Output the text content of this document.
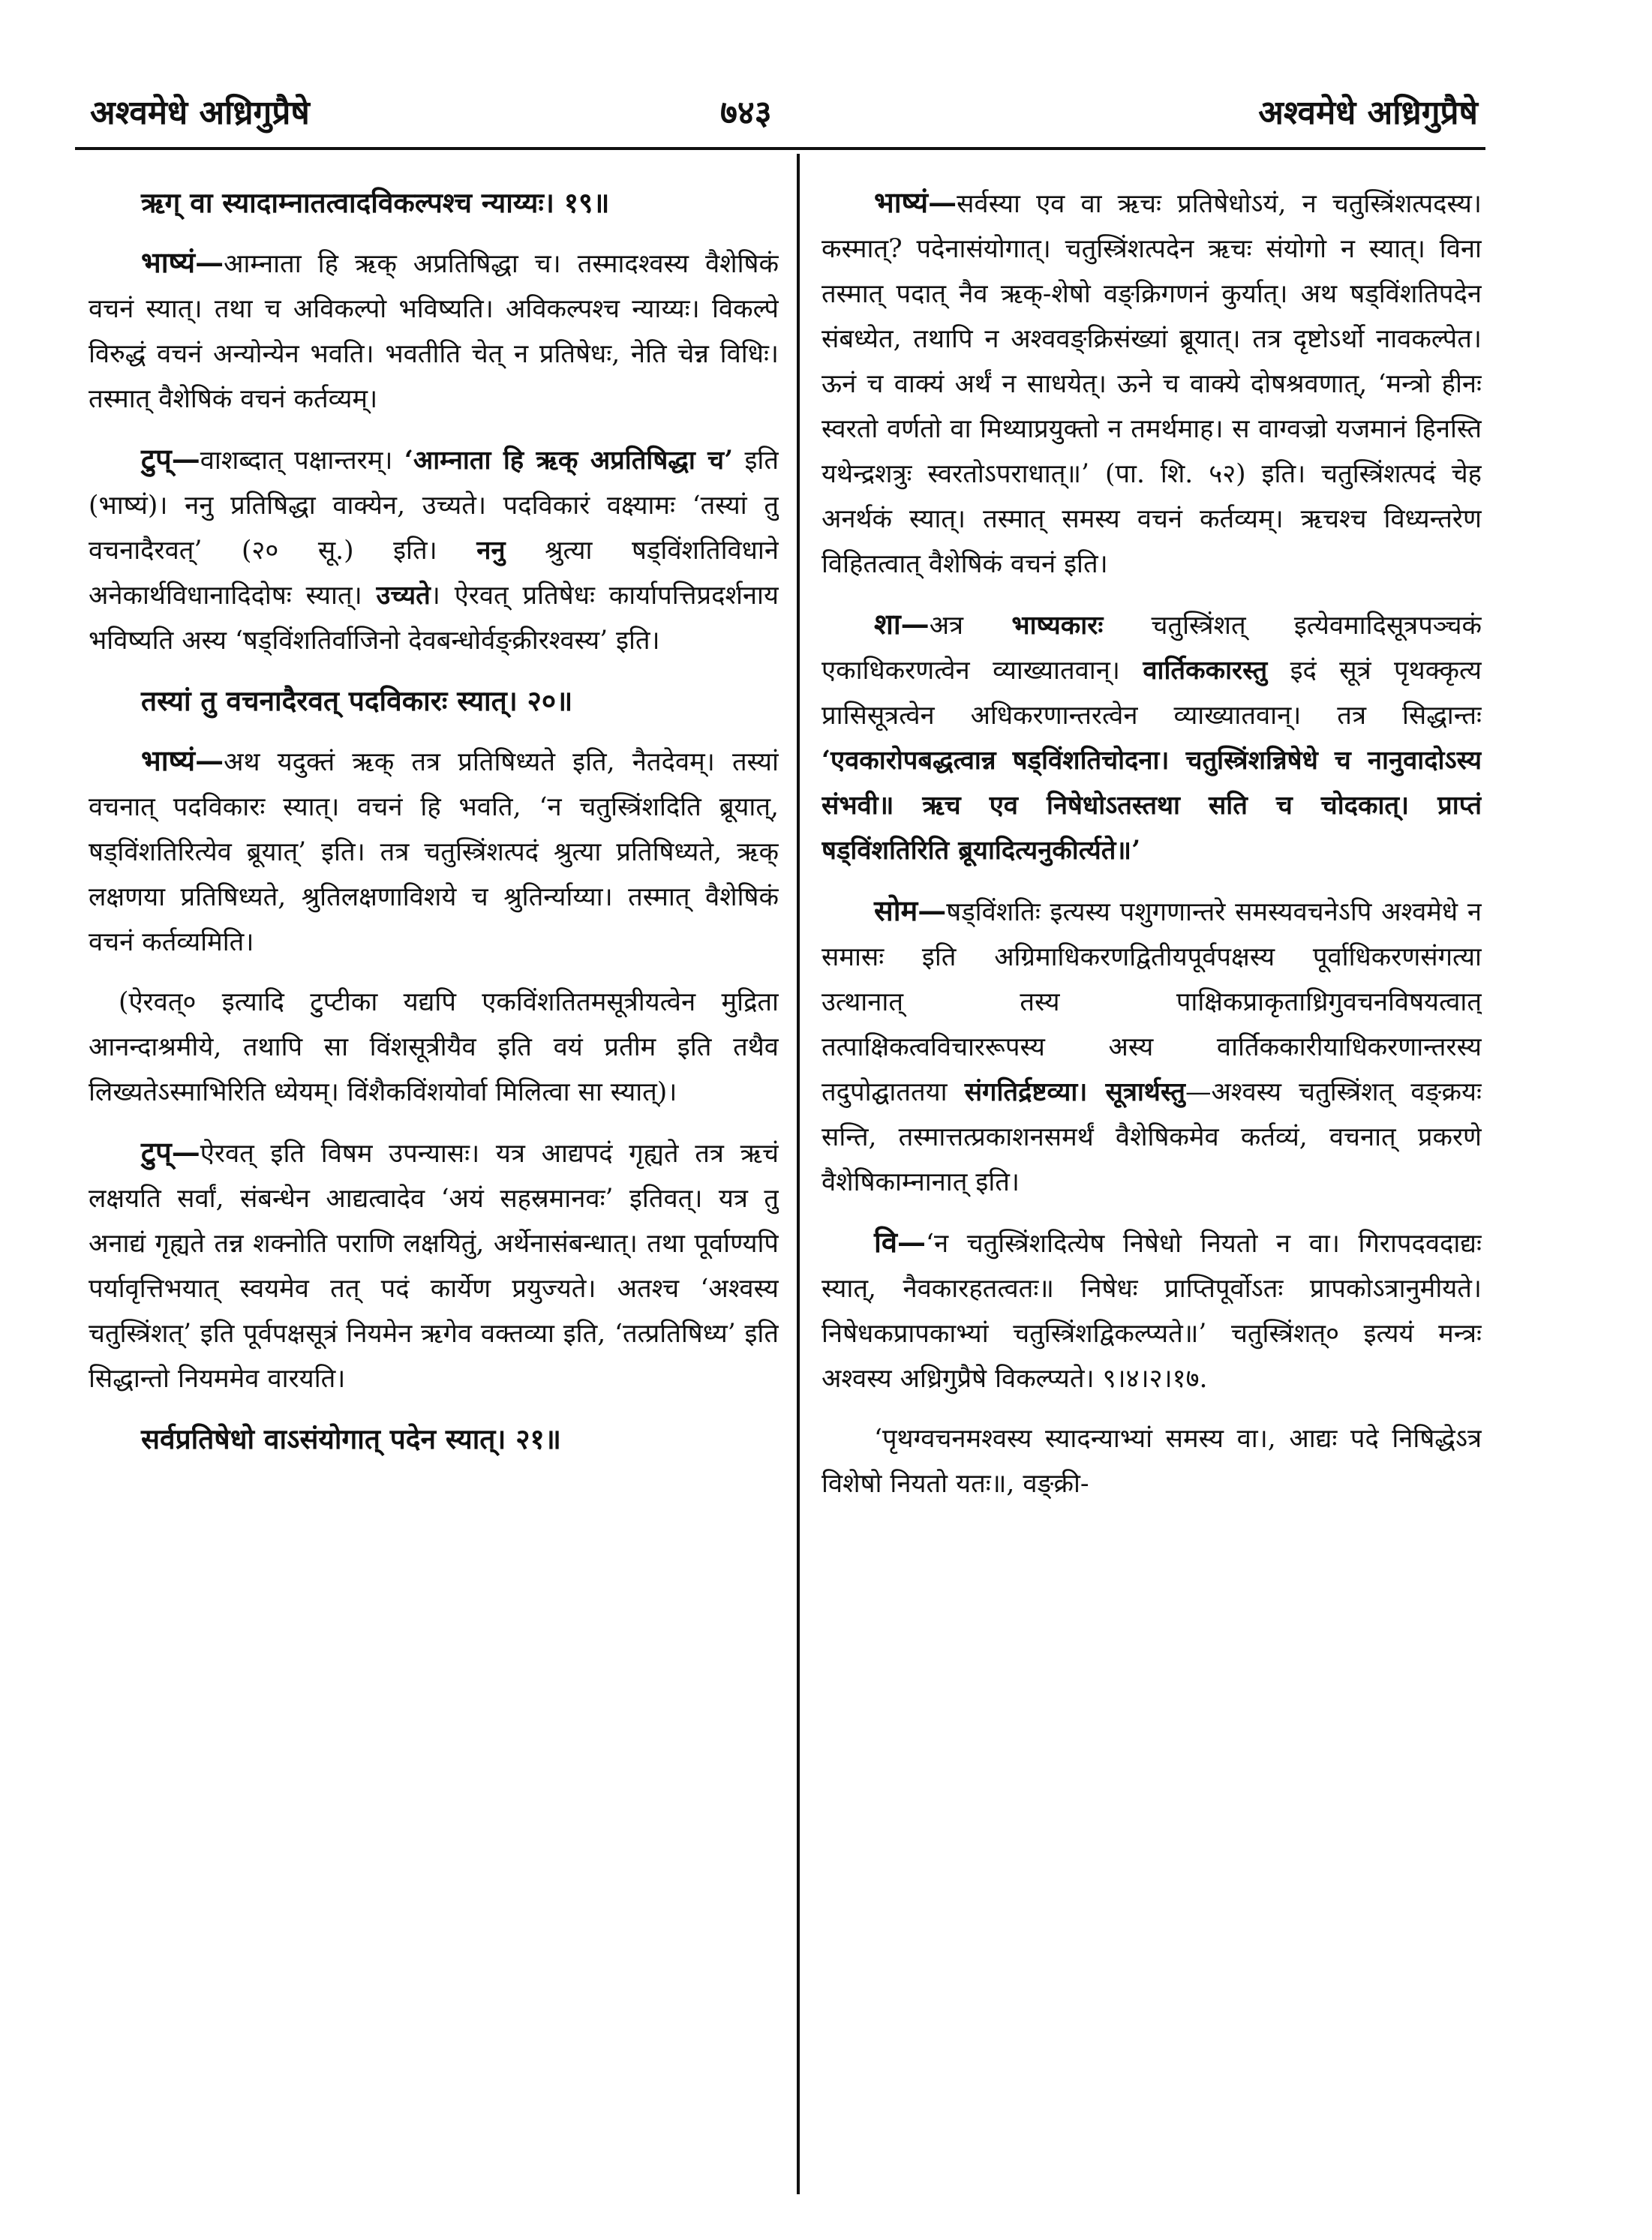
अश्वमेधे अध्रिगुप्रैषे	७४३	अश्वमेधे अध्रिगुप्रैषे

ऋग् वा स्यादाम्नातत्वादविकल्पश्च न्याय्यः। १९॥

भाष्यं—आम्नाता हि ऋक् अप्रतिषिद्धा च। तस्मादश्वस्य वैशेषिकं वचनं स्यात्। तथा च अविकल्पो भविष्यति। अविकल्पश्च न्याय्यः। विकल्पे विरुद्धं वचनं अन्योन्येन भवति। भवतीति चेत् न प्रतिषेधः, नेति चेन्न विधिः। तस्मात् वैशेषिकं वचनं कर्तव्यम्।

टुप्—वाशब्दात् पक्षान्तरम्। ‘आम्नाता हि ऋक् अप्रतिषिद्धा च’ इति (भाष्यं)। ननु प्रतिषिद्धा वाक्येन, उच्यते। पदविकारं वक्ष्यामः ‘तस्यां तु वचनादैरवत्’ (२० सू.) इति। ननु श्रुत्या षड्विंशतिविधाने अनेकार्थविधानादिदोषः स्यात्। उच्यते। ऐरवत् प्रतिषेधः कार्यापत्तिप्रदर्शनाय भविष्यति अस्य ‘षड्विंशतिर्वाजिनो देवबन्धोर्वङ्क्रीरश्वस्य’ इति।

तस्यां तु वचनादैरवत् पदविकारः स्यात्। २०॥

भाष्यं—अथ यदुक्तं ऋक् तत्र प्रतिषिध्यते इति, नैतदेवम्। तस्यां वचनात् पदविकारः स्यात्। वचनं हि भवति, ‘न चतुस्त्रिंशदिति ब्रूयात्, षड्विंशतिरित्येव ब्रूयात्’ इति। तत्र चतुस्त्रिंशत्पदं श्रुत्या प्रतिषिध्यते, ऋक् लक्षणया प्रतिषिध्यते, श्रुतिलक्षणाविशये च श्रुतिर्न्याय्या। तस्मात् वैशेषिकं वचनं कर्तव्यमिति।

(ऐरवत्० इत्यादि टुप्टीका यद्यपि एकविंशतितमसूत्रीयत्वेन मुद्रिता आनन्दाश्रमीये, तथापि सा विंशसूत्रीयैव इति वयं प्रतीम इति तथैव लिख्यतेऽस्माभिरिति ध्येयम्। विंशैकविंशयोर्वा मिलित्वा सा स्यात्)।

टुप्—ऐरवत् इति विषम उपन्यासः। यत्र आद्यपदं गृह्यते तत्र ऋचं लक्षयति सर्वां, संबन्धेन आद्यत्वादेव ‘अयं सहस्रमानवः’ इतिवत्। यत्र तु अनाद्यं गृह्यते तन्न शक्नोति पराणि लक्षयितुं, अर्थेनासंबन्धात्। तथा पूर्वाण्यपि पर्यावृत्तिभयात् स्वयमेव तत् पदं कार्येण प्रयुज्यते। अतश्च ‘अश्वस्य चतुस्त्रिंशत्’ इति पूर्वपक्षसूत्रं नियमेन ऋगेव वक्तव्या इति, ‘तत्प्रतिषिध्य’ इति सिद्धान्तो नियममेव वारयति।

सर्वप्रतिषेधो वाऽसंयोगात् पदेन स्यात्। २१॥

भाष्यं—सर्वस्या एव वा ऋचः प्रतिषेधोऽयं, न चतुस्त्रिंशत्पदस्य। कस्मात्? पदेनासंयोगात्। चतुस्त्रिंशत्पदेन ऋचः संयोगो न स्यात्। विना तस्मात् पदात् नैव ऋक्-शेषो वङ्क्रिगणनं कुर्यात्। अथ षड्विंशतिपदेन संबध्येत, तथापि न अश्ववङ्क्रिसंख्यां ब्रूयात्। तत्र दृष्टोऽर्थो नावकल्पेत। ऊनं च वाक्यं अर्थं न साधयेत्। ऊने च वाक्ये दोषश्रवणात्, ‘मन्त्रो हीनः स्वरतो वर्णतो वा मिथ्याप्रयुक्तो न तमर्थमाह। स वाग्वज्रो यजमानं हिनस्ति यथेन्द्रशत्रुः स्वरतोऽपराधात्॥’ (पा. शि. ५२) इति। चतुस्त्रिंशत्पदं चेह अनर्थकं स्यात्। तस्मात् समस्य वचनं कर्तव्यम्। ऋचश्च विध्यन्तरेण विहितत्वात् वैशेषिकं वचनं इति।

शा—अत्र भाष्यकारः चतुस्त्रिंशत् इत्येवमादिसूत्रपञ्चकं एकाधिकरणत्वेन व्याख्यातवान्। वार्तिककारस्तु इदं सूत्रं पृथक्कृत्य प्रासिसूत्रत्वेन अधिकरणान्तरत्वेन व्याख्यातवान्। तत्र सिद्धान्तः ‘एवकारोपबद्धत्वान्न षड्विंशतिचोदना। चतुस्त्रिंशन्निषेधे च नानुवादोऽस्य संभवी॥ ऋच एव निषेधोऽतस्तथा सति च चोदकात्। प्राप्तं षड्विंशतिरिति ब्रूयादित्यनुकीर्त्यते॥’

सोम—षड्विंशतिः इत्यस्य पशुगणान्तरे समस्यवचनेऽपि अश्वमेधे न समासः इति अग्रिमाधिकरणद्वितीयपूर्वपक्षस्य पूर्वाधिकरणसंगत्या उत्थानात् तस्य पाक्षिकप्राकृताध्रिगुवचनविषयत्वात् तत्पाक्षिकत्वविचाररूपस्य अस्य वार्तिककारीयाधिकरणान्तरस्य तदुपोद्घाततया संगतिर्द्रष्टव्या। सूत्रार्थस्तु—अश्वस्य चतुस्त्रिंशत् वङ्क्रयः सन्ति, तस्मात्तत्प्रकाशनसमर्थं वैशेषिकमेव कर्तव्यं, वचनात् प्रकरणे वैशेषिकाम्नानात् इति।

वि—‘न चतुस्त्रिंशदित्येष निषेधो नियतो न वा। गिरापदवदाद्यः स्यात्, नैवकारहतत्वतः॥ निषेधः प्राप्तिपूर्वोऽतः प्रापकोऽत्रानुमीयते। निषेधकप्रापकाभ्यां चतुस्त्रिंशद्विकल्प्यते॥’ चतुस्त्रिंशत्० इत्ययं मन्त्रः अश्वस्य अध्रिगुप्रैषे विकल्प्यते। ९।४।२।१७.

‘पृथग्वचनमश्वस्य स्यादन्याभ्यां समस्य वा।, आद्यः पदे निषिद्धेऽत्र विशेषो नियतो यतः॥, वङ्क्री-
